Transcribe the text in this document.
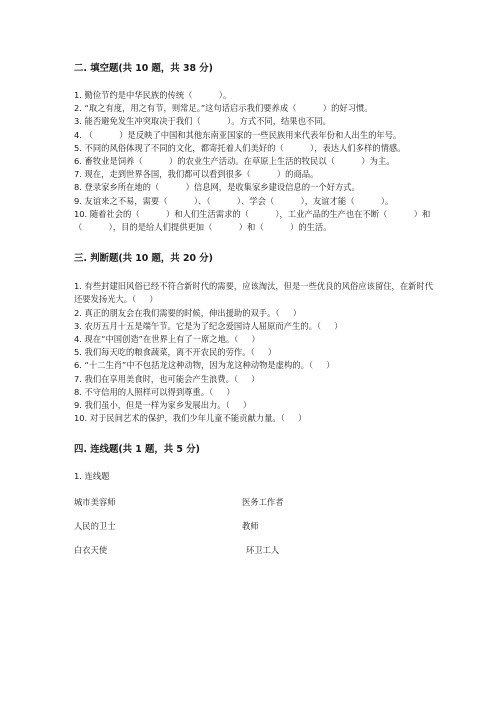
二. 填空题(共 10 题，共 38 分)

1. 勤俭节约是中华民族的传统（          ）。

2. “取之有度，用之有节，则常足。”这句话启示我们要养成（          ）的好习惯。

3. 能否避免发生冲突取决于我们（          ）。方式不同，结果也不同。

4. （          ）是反映了中国和其他东南亚国家的一些民族用来代表年份和人出生的年号。

5. 不同的风俗体现了不同的文化，都寄托着人们美好的（          ），表达人们多样的情感。

6. 畜牧业是饲养（          ）的农业生产活动。在草原上生活的牧民以（          ）为主。

7. 现在，走到世界各国，我们都可以看到很多（          ）的商品。

8. 登录家乡所在地的（          ）信息网，是收集家乡建设信息的一个好方式。

9. 友谊来之不易，需要（          ）、（          ）、学会（          ），友谊才能（          ）。

10. 随着社会的（          ）和人们生活需求的（          ），工业产品的生产也在不断（          ）和（          ），目的是给人们提供更加（          ）和（          ）的生活。

三. 判断题(共 10 题，共 20 分)

1. 有些封建旧风俗已经不符合新时代的需要，应该淘汰，但是一些优良的风俗应该留住，在新时代还要发扬光大。（     ）

2. 真正的朋友会在我们需要的时候，伸出援助的双手。（     ）

3. 农历五月十五是端午节。它是为了纪念爱国诗人屈原而产生的。（     ）

4. 现在“中国创造”在世界上有了一席之地。（     ）

5. 我们每天吃的粮食蔬菜，离不开农民的劳作。（     ）

6. “十二生肖”中不包括龙这种动物，因为龙这种动物是虚构的。（     ）

7. 我们在享用美食时，也可能会产生浪费。（     ）

8. 不守信用的人照样可以得到尊重。（     ）

9. 我们虽小，但是一样为家乡发展出力。（     ）

10. 对于民间艺术的保护，我们少年儿童不能贡献力量。（     ）

四. 连线题(共 1 题，共 5 分)

1. 连线题

城市美容师	医务工作者
人民的卫士	教师
白衣天使	环卫工人
